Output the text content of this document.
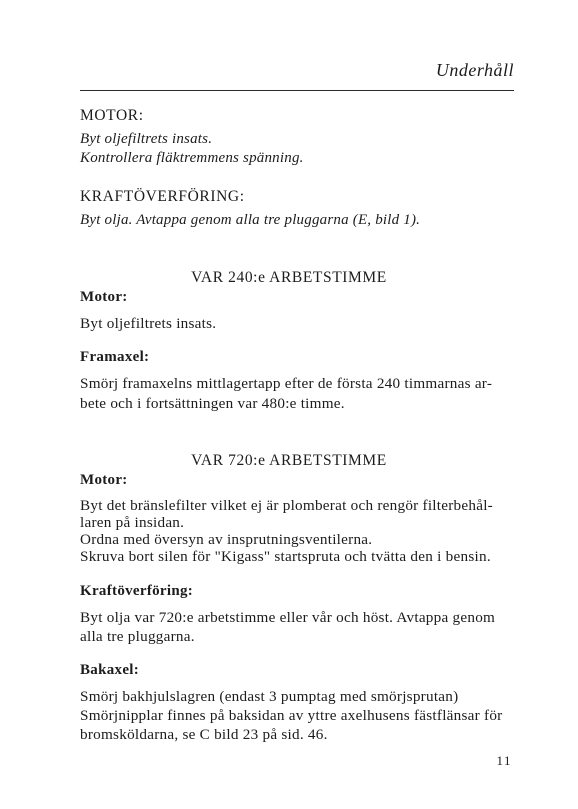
Underhåll
MOTOR:
Byt oljefiltrets insats.
Kontrollera fläktremmens spänning.
KRAFTÖVERFÖRING:
Byt olja. Avtappa genom alla tre pluggarna (E, bild 1).
VAR 240:e ARBETSTIMME
Motor:
Byt oljefiltrets insats.
Framaxel:
Smörj framaxelns mittlagertapp efter de första 240 timmarnas ar-
bete och i fortsättningen var 480:e timme.
VAR 720:e ARBETSTIMME
Motor:
Byt det bränslefilter vilket ej är plomberat och rengör filterbehål-
laren på insidan.
Ordna med översyn av insprutningsventilerna.
Skruva bort silen för "Kigass" startspruta och tvätta den i bensin.
Kraftöverföring:
Byt olja var 720:e arbetstimme eller vår och höst. Avtappa genom
alla tre pluggarna.
Bakaxel:
Smörj bakhjulslagren (endast 3 pumptag med smörjsprutan)
Smörjnipplar finnes på baksidan av yttre axelhusens fästflänsar för
bromsköldarna, se C bild 23 på sid. 46.
11
